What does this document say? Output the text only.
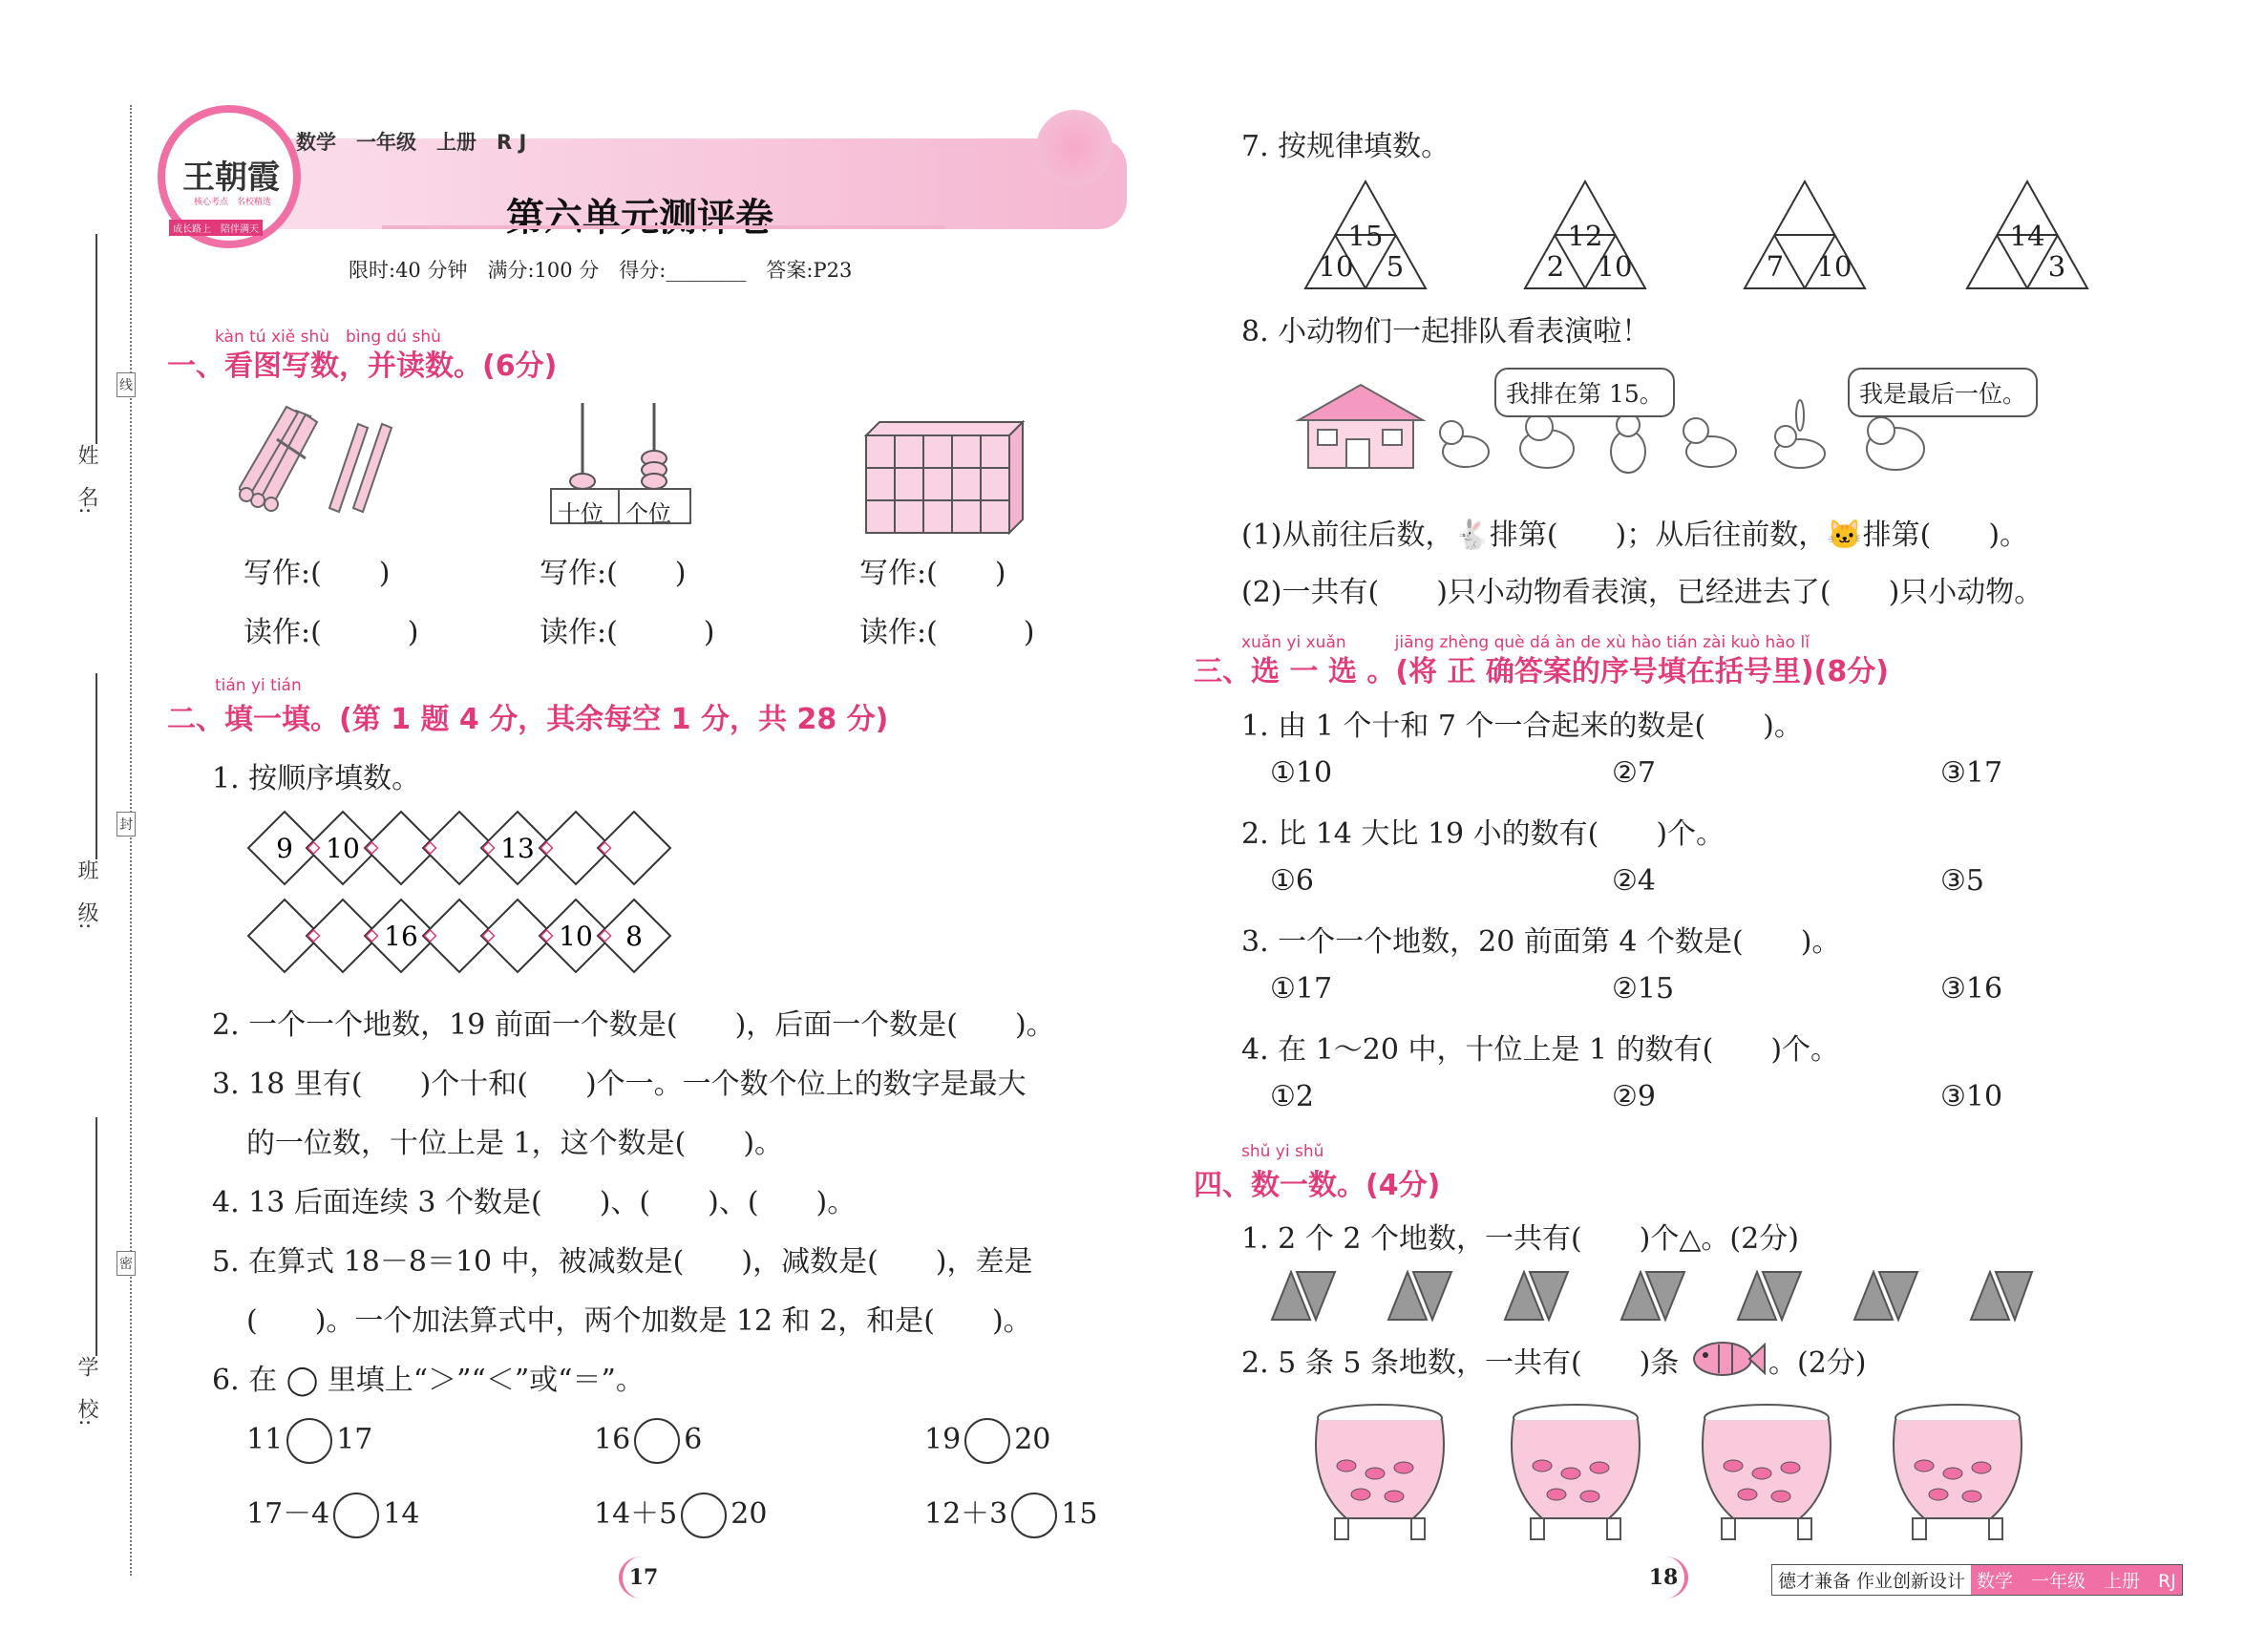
姓　名:
班　级:
学　校:
线
封
密
王朝霞
核心考点　名校精选
成长路上　陪伴满天
数学　一年级　上册　R J
第六单元测评卷
限时:40 分钟　满分:100 分　得分:________　答案:P23
kàn tú xiě shù　bìng dú shù
一、看图写数，并读数。(6分)
十位 个位
写作:(　　)	写作:(　　)	写作:(　　)
读作:(　　　)	读作:(　　　)	读作:(　　　)
tián yi tián
二、填一填。(第 1 题 4 分，其余每空 1 分，共 28 分)
1. 按顺序填数。
9 10	13
16	10 8
2. 一个一个地数，19 前面一个数是(　　)，后面一个数是(　　)。
3. 18 里有(　　)个十和(　　)个一。一个数个位上的数字是最大
的一位数，十位上是 1，这个数是(　　)。
4. 13 后面连续 3 个数是(　　)、(　　)、(　　)。
5. 在算式 18－8＝10 中，被减数是(　　)，减数是(　　)，差是
(　　)。一个加法算式中，两个加数是 12 和 2，和是(　　)。
6. 在 ◯ 里填上“＞”“＜”或“＝”。
11 17	16 6	19 20
17－4 14	14＋5 20	12＋3 15
17
7. 按规律填数。
15
10	5
12
2	10	7	10
14
3
8. 小动物们一起排队看表演啦！
我排在第 15。	我是最后一位。
(1)从前往后数，🐇排第(　　)；从后往前数，🐱排第(　　)。
(2)一共有(　　)只小动物看表演，已经进去了(　　)只小动物。
xuǎn yi xuǎn　　　jiāng zhèng què dá àn de xù hào tián zài kuò hào lǐ
三、选 一 选 。(将 正 确答案的序号填在括号里)(8分)
1. 由 1 个十和 7 个一合起来的数是(　　)。
①10	②7	③17
2. 比 14 大比 19 小的数有(　　)个。
①6	②4	③5
3. 一个一个地数，20 前面第 4 个数是(　　)。
①17	②15	③16
4. 在 1～20 中，十位上是 1 的数有(　　)个。
①2	②9	③10
shǔ yi shǔ
四、数一数。(4分)
1. 2 个 2 个地数，一共有(　　)个△。(2分)
2. 5 条 5 条地数，一共有(　　)条	。(2分)
18	德才兼备 作业创新设计 数学　一年级　上册　RJ
